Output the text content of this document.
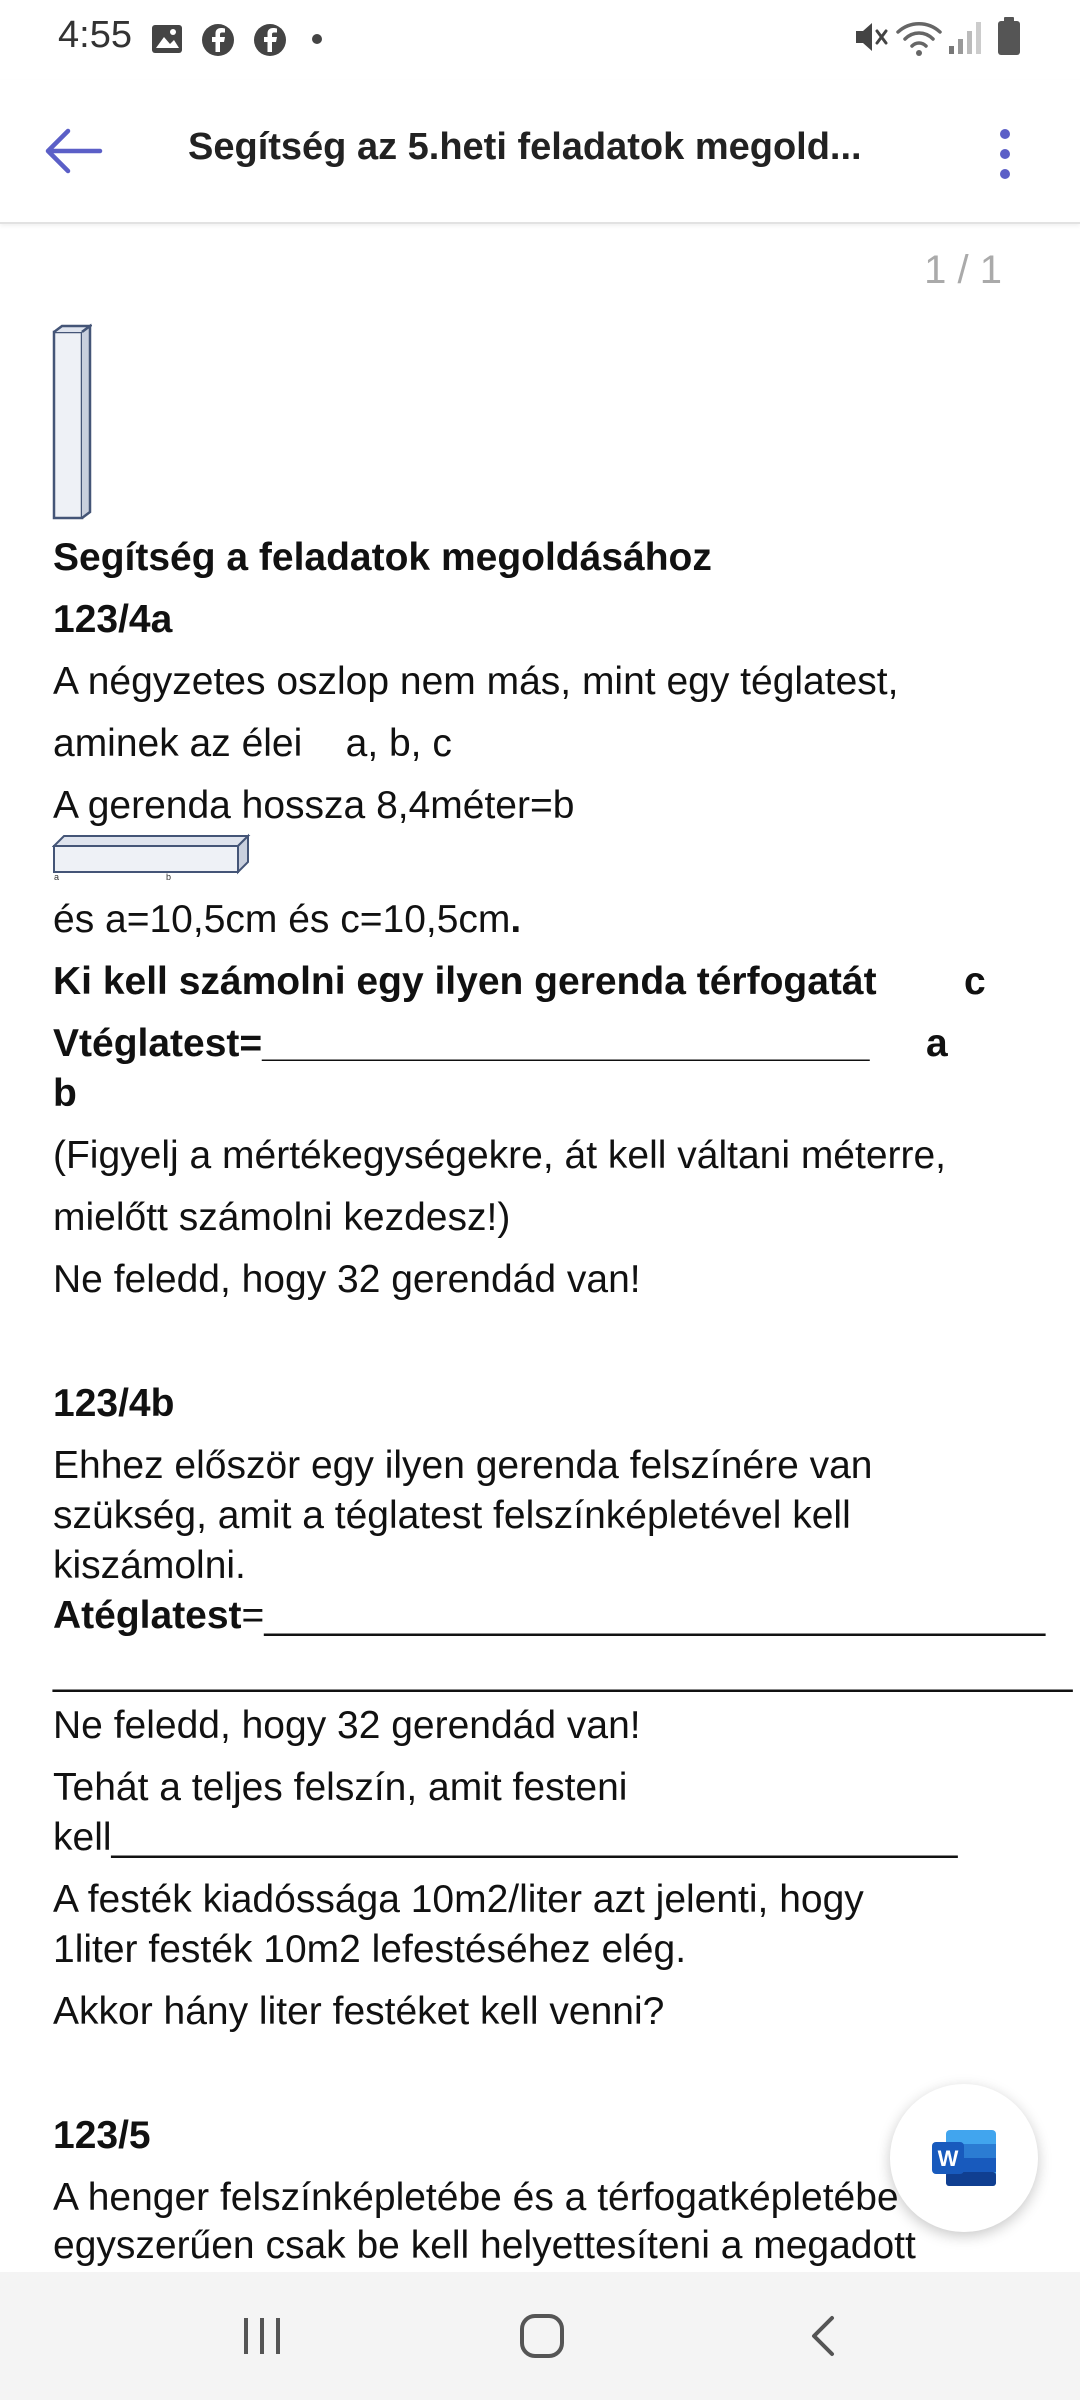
4:55
Segítség az 5.heti feladatok megold...
1 / 1
Segítség a feladatok megoldásához
123/4a
A négyzetes oszlop nem más, mint egy téglatest,
aminek az élei    a, b, c
A gerenda hossza 8,4méter=b
b
a
és a=10,5cm és c=10,5cm.
Ki kell számolni egy ilyen gerenda térfogatát c
Vtéglatest=____________________________ a
b
(Figyelj a mértékegységekre, át kell váltani méterre,
mielőtt számolni kezdesz!)
Ne feledd, hogy 32 gerendád van!
123/4b
Ehhez először egy ilyen gerenda felszínére van
szükség, amit a téglatest felszínképletével kell
kiszámolni.
Atéglatest=____________________________________
_______________________________________________
Ne feledd, hogy 32 gerendád van!
Tehát a teljes felszín, amit festeni
kell_______________________________________
A festék kiadóssága 10m2/liter azt jelenti, hogy
1liter festék 10m2 lefestéséhez elég.
Akkor hány liter festéket kell venni?
123/5
A henger felszínképletébe és a térfogatképletébe
egyszerűen csak be kell helyettesíteni a megadott
W
